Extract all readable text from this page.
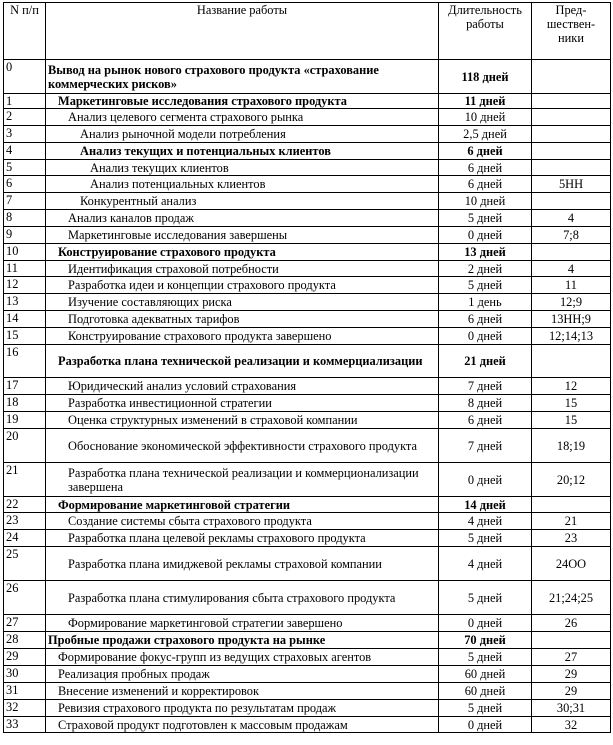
N п/п	Название работы	Длительность работы	Пред-шествен-ники
0	Вывод на рынок нового страхового продукта «страхование коммерческих рисков»	118 дней	
1	Маркетинговые исследования страхового продукта	11 дней	
2	Анализ целевого сегмента страхового рынка	10 дней	
3	Анализ рыночной модели потребления	2,5 дней	
4	Анализ текущих и потенциальных клиентов	6 дней	
5	Анализ текущих клиентов	6 дней	
6	Анализ потенциальных клиентов	6 дней	5НН
7	Конкурентный анализ	10 дней	
8	Анализ каналов продаж	5 дней	4
9	Маркетинговые исследования завершены	0 дней	7;8
10	Конструирование страхового продукта	13 дней	
11	Идентификация страховой потребности	2 дней	4
12	Разработка идеи и концепции страхового продукта	5 дней	11
13	Изучение составляющих риска	1 день	12;9
14	Подготовка адекватных тарифов	6 дней	13НН;9
15	Конструирование страхового продукта завершено	0 дней	12;14;13
16	Разработка плана технической реализации и коммерциализации	21 дней	
17	Юридический анализ условий страхования	7 дней	12
18	Разработка инвестиционной стратегии	8 дней	15
19	Оценка структурных изменений в страховой компании	6 дней	15
20	Обоснование экономической эффективности страхового продукта	7 дней	18;19
21	Разработка плана технической реализации и коммерционализации завершена	0 дней	20;12
22	Формирование маркетинговой стратегии	14 дней	
23	Создание системы сбыта страхового продукта	4 дней	21
24	Разработка плана целевой рекламы страхового продукта	5 дней	23
25	Разработка плана имиджевой рекламы страховой компании	4 дней	24OO
26	Разработка плана стимулирования сбыта страхового продукта	5 дней	21;24;25
27	Формирование маркетинговой стратегии завершено	0 дней	26
28	Пробные продажи страхового продукта на рынке	70 дней	
29	Формирование фокус-групп из ведущих страховых агентов	5 дней	27
30	Реализация пробных продаж	60 дней	29
31	Внесение изменений и корректировок	60 дней	29
32	Ревизия страхового продукта по результатам продаж	5 дней	30;31
33	Страховой продукт подготовлен к массовым продажам	0 дней	32
